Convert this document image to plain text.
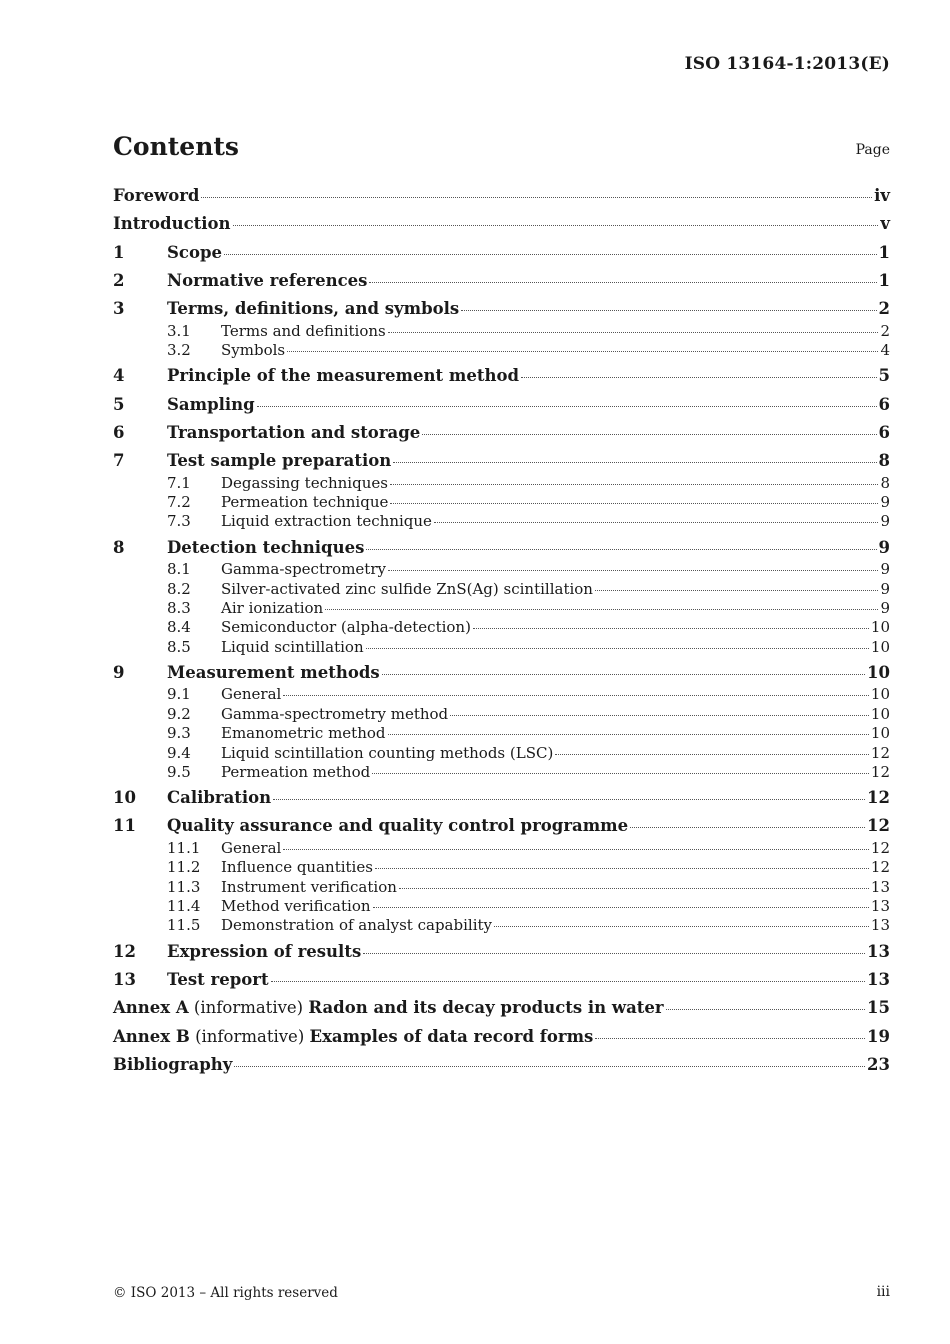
ISO 13164-1:2013(E)
Contents	Page
Foreword	iv
Introduction	v
1	Scope	1
2	Normative references	1
3	Terms, definitions, and symbols	2
3.1	Terms and definitions	2
3.2	Symbols	4
4	Principle of the measurement method	5
5	Sampling	6
6	Transportation and storage	6
7	Test sample preparation	8
7.1	Degassing techniques	8
7.2	Permeation technique	9
7.3	Liquid extraction technique	9
8	Detection techniques	9
8.1	Gamma-spectrometry	9
8.2	Silver-activated zinc sulfide ZnS(Ag) scintillation	9
8.3	Air ionization	9
8.4	Semiconductor (alpha-detection)	10
8.5	Liquid scintillation	10
9	Measurement methods	10
9.1	General	10
9.2	Gamma-spectrometry method	10
9.3	Emanometric method	10
9.4	Liquid scintillation counting methods (LSC)	12
9.5	Permeation method	12
10	Calibration	12
11	Quality assurance and quality control programme	12
11.1	General	12
11.2	Influence quantities	12
11.3	Instrument verification	13
11.4	Method verification	13
11.5	Demonstration of analyst capability	13
12	Expression of results	13
13	Test report	13
Annex A (informative) Radon and its decay products in water	15
Annex B (informative) Examples of data record forms	19
Bibliography	23
© ISO 2013 – All rights reserved	iii
